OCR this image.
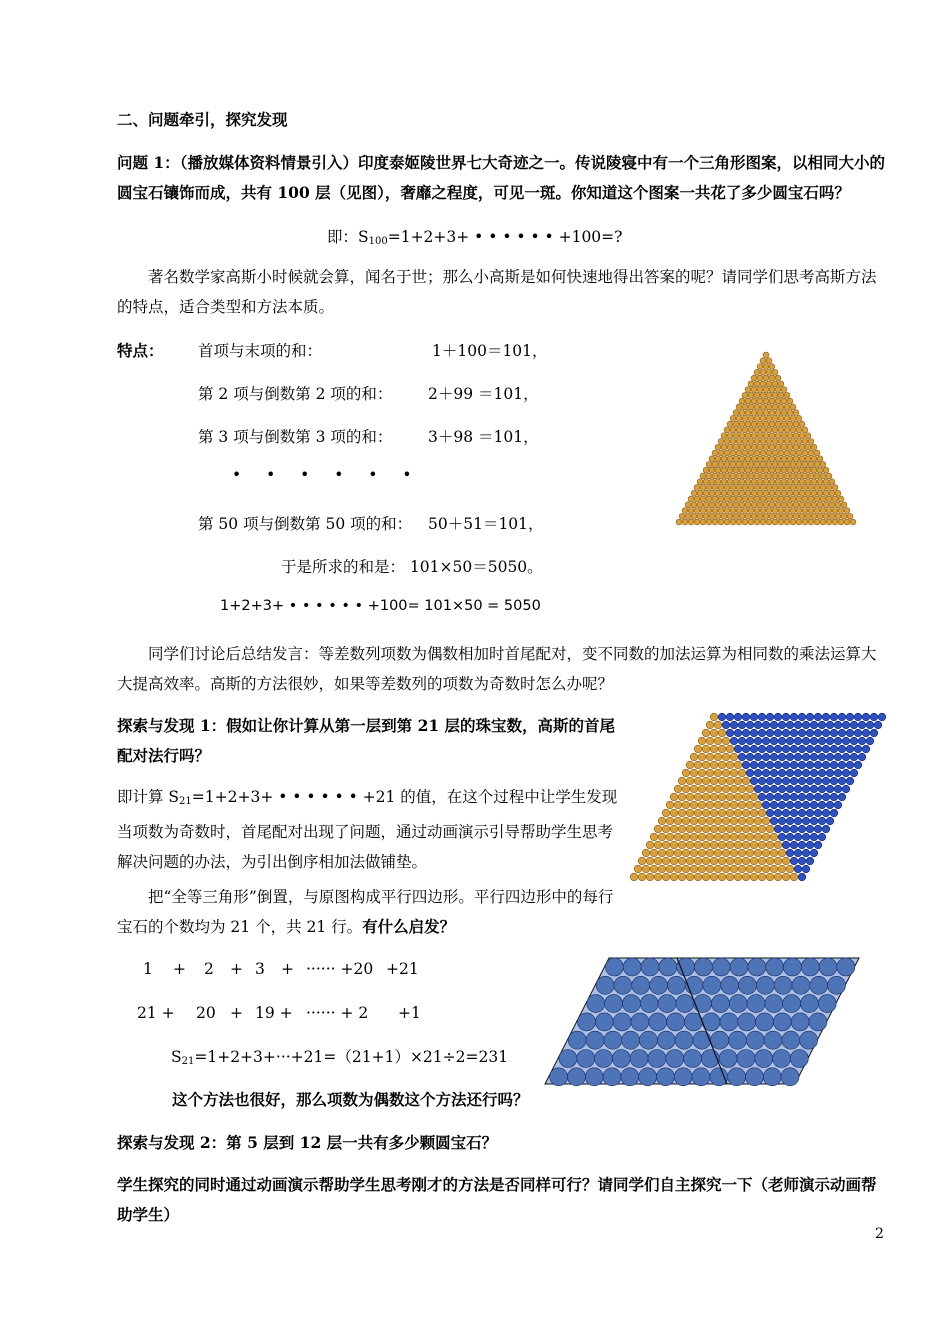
二、问题牵引，探究发现
问题 1：（播放媒体资料情景引入）印度泰姬陵世界七大奇迹之一。传说陵寝中有一个三角形图案，以相同大小的圆宝石镶饰而成，共有 100 层（见图），奢靡之程度，可见一斑。你知道这个图案一共花了多少圆宝石吗？
即：$S_{100}=1+2+3+$ • • • • • • +100=?
著名数学家高斯小时候就会算，闻名于世；那么小高斯是如何快速地得出答案的呢？请同学们思考高斯方法的特点，适合类型和方法本质。
特点： 首项与末项的和：	1＋100＝101，
第 2 项与倒数第 2 项的和： 2＋99 ＝101，
第 3 项与倒数第 3 项的和： 3＋98 ＝101，
• • • • • •
第 50 项与倒数第 50 项的和： 50＋51＝101，
于是所求的和是： 101×50＝5050。
1+2+3+ • • • • • • +100= 101×50 = 5050
同学们讨论后总结发言：等差数列项数为偶数相加时首尾配对，变不同数的加法运算为相同数的乘法运算大大提高效率。高斯的方法很妙，如果等差数列的项数为奇数时怎么办呢？
探索与发现 1：假如让你计算从第一层到第 21 层的珠宝数，高斯的首尾配对法行吗？
即计算 $S_{21}=1+2+3+$ • • • • • • +21 的值，在这个过程中让学生发现当项数为奇数时，首尾配对出现了问题，通过动画演示引导帮助学生思考解决问题的办法，为引出倒序相加法做铺垫。
把“全等三角形”倒置，与原图构成平行四边形。平行四边形中的每行宝石的个数均为 21 个，共 21 行。有什么启发？
1 + 2 + 3 + ······ +20 +21
21 + 20 + 19 + ······ + 2 +1
$S_{21}=1+2+3+\cdot\cdot\cdot+21=(21+1)\times 21\div 2=231$
这个方法也很好，那么项数为偶数这个方法还行吗？
探索与发现 2：第 5 层到 12 层一共有多少颗圆宝石？
学生探究的同时通过动画演示帮助学生思考刚才的方法是否同样可行？请同学们自主探究一下（老师演示动画帮助学生）
2
